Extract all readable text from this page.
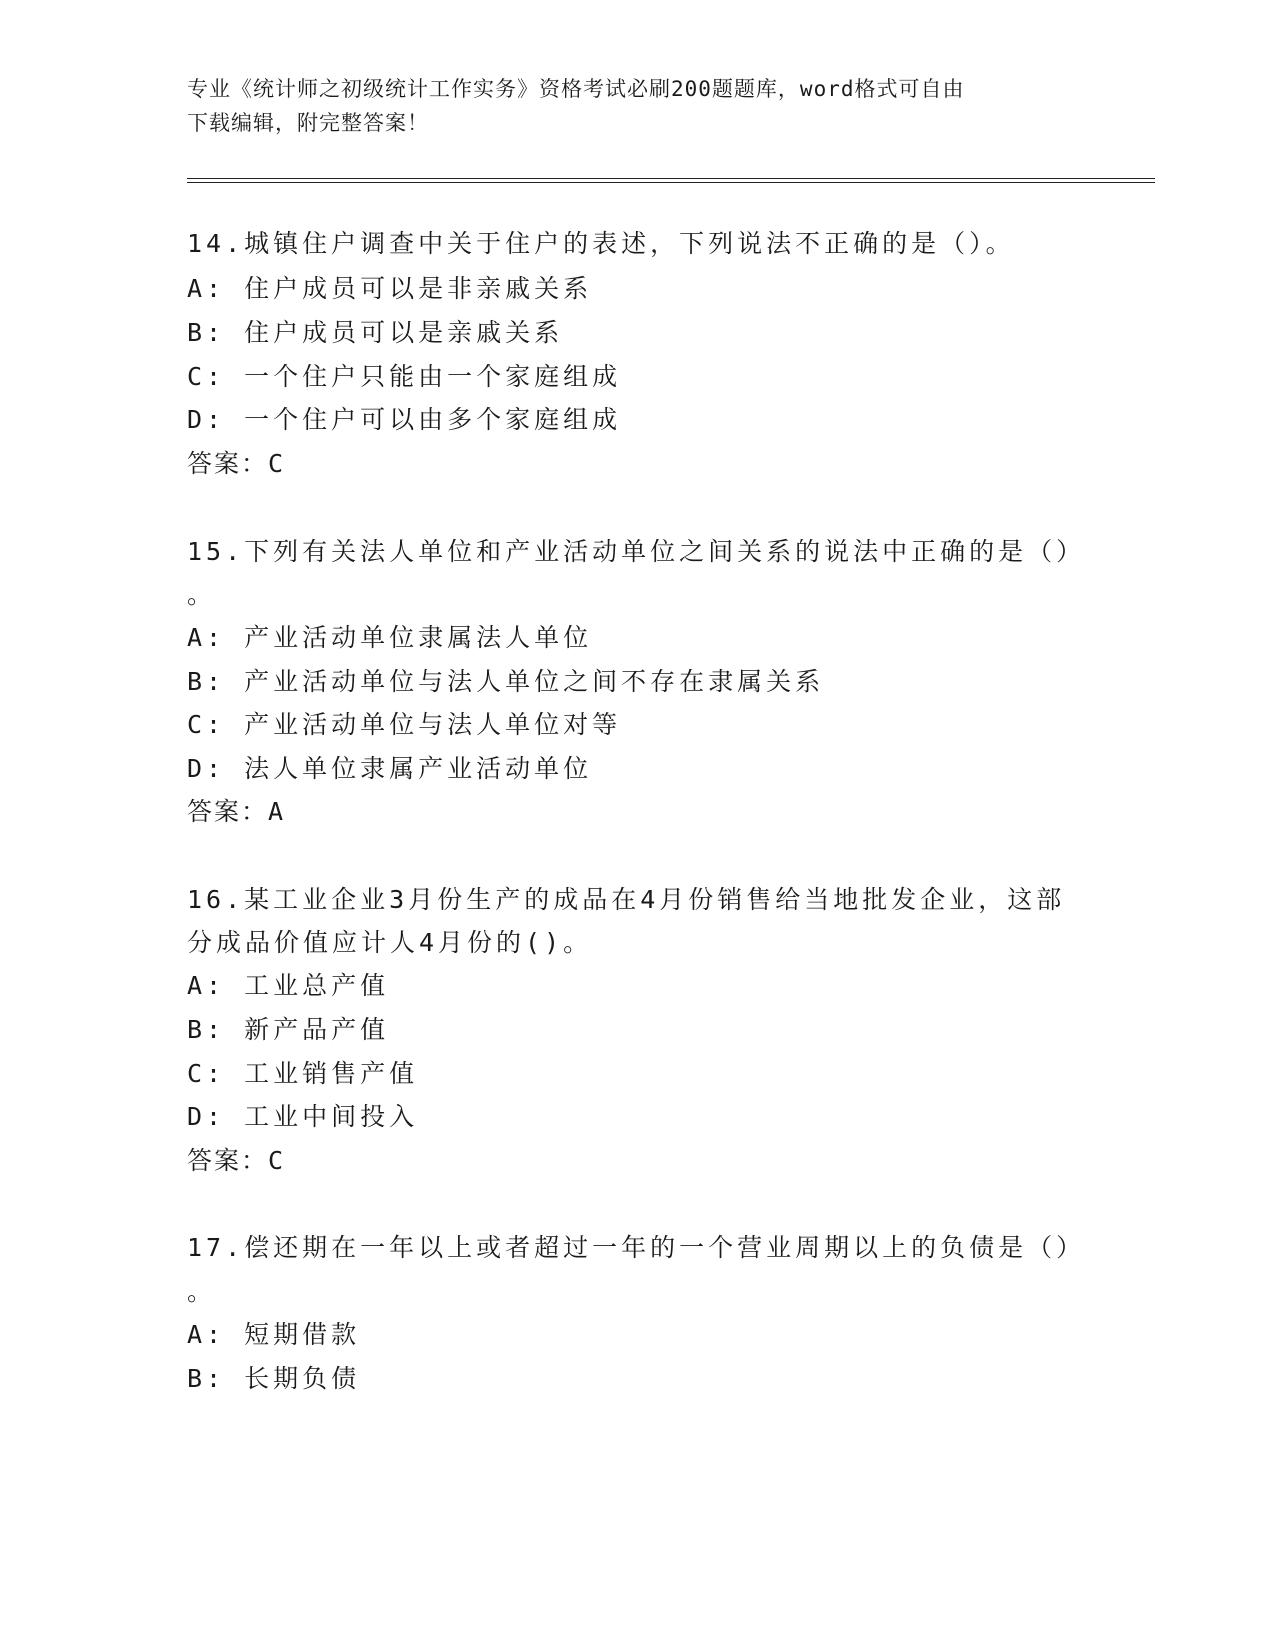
专业《统计师之初级统计工作实务》资格考试必刷200题题库，word格式可自由
下载编辑，附完整答案！
14.城镇住户调查中关于住户的表述，下列说法不正确的是（）。
A: 住户成员可以是非亲戚关系
B: 住户成员可以是亲戚关系
C: 一个住户只能由一个家庭组成
D: 一个住户可以由多个家庭组成
答案：C
15.下列有关法人单位和产业活动单位之间关系的说法中正确的是（）
。
A: 产业活动单位隶属法人单位
B: 产业活动单位与法人单位之间不存在隶属关系
C: 产业活动单位与法人单位对等
D: 法人单位隶属产业活动单位
答案：A
16.某工业企业3月份生产的成品在4月份销售给当地批发企业，这部
分成品价值应计人4月份的()。
A: 工业总产值
B: 新产品产值
C: 工业销售产值
D: 工业中间投入
答案：C
17.偿还期在一年以上或者超过一年的一个营业周期以上的负债是（）
。
A: 短期借款
B: 长期负债
